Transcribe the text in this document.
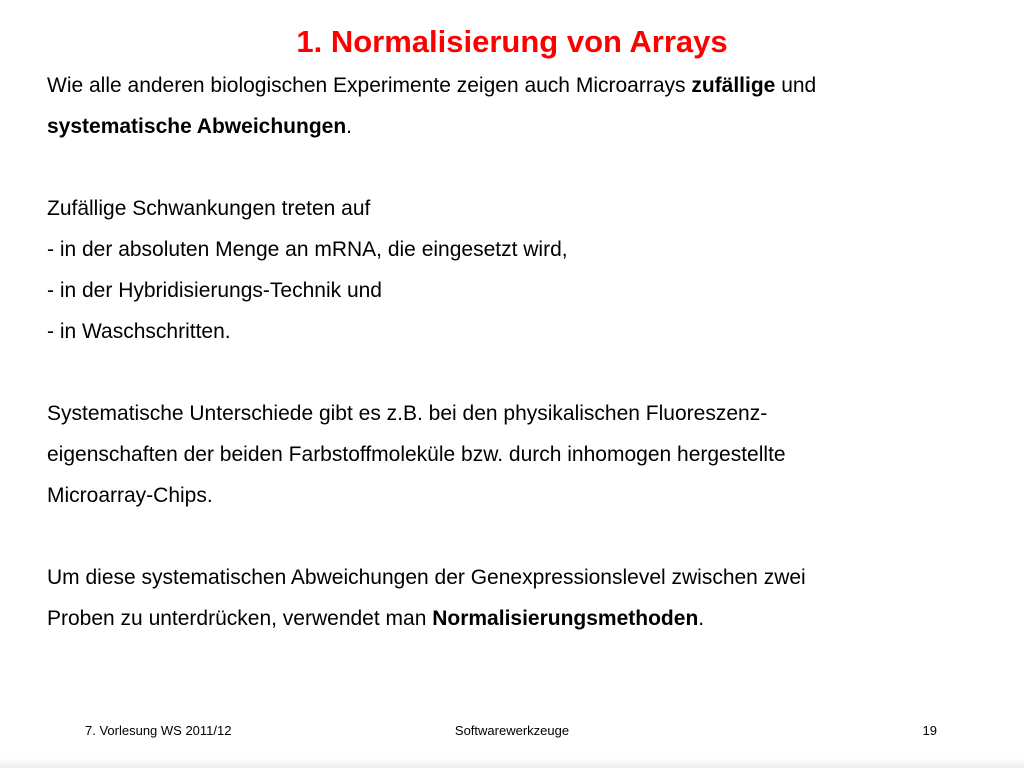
1. Normalisierung von Arrays

Wie alle anderen biologischen Experimente zeigen auch Microarrays zufällige und

systematische Abweichungen.

Zufällige Schwankungen treten auf

- in der absoluten Menge an mRNA, die eingesetzt wird,

- in der Hybridisierungs-Technik und

- in Waschschritten.

Systematische Unterschiede gibt es z.B. bei den physikalischen Fluoreszenz-

eigenschaften der beiden Farbstoffmoleküle bzw. durch inhomogen hergestellte

Microarray-Chips.

Um diese systematischen Abweichungen der Genexpressionslevel zwischen zwei

Proben zu unterdrücken, verwendet man Normalisierungsmethoden.

7. Vorlesung WS 2011/12	Softwarewerkzeuge	19
